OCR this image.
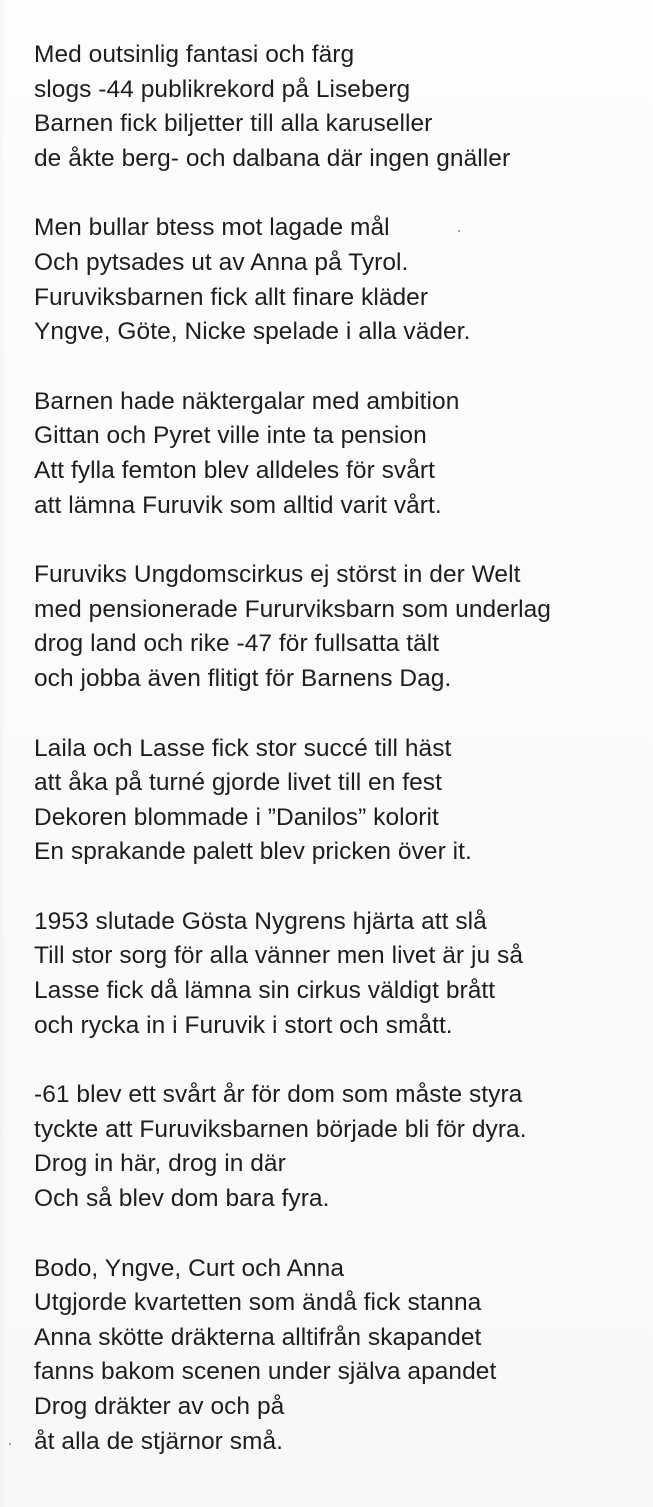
Med outsinlig fantasi och färg
slogs -44 publikrekord på Liseberg
Barnen fick biljetter till alla karuseller
de åkte berg- och dalbana där ingen gnäller
Men bullar btess mot lagade mål
Och pytsades ut av Anna på Tyrol.
Furuviksbarnen fick allt finare kläder
Yngve, Göte, Nicke spelade i alla väder.
Barnen hade näktergalar med ambition
Gittan och Pyret ville inte ta pension
Att fylla femton blev alldeles för svårt
att lämna Furuvik som alltid varit vårt.
Furuviks Ungdomscirkus ej störst in der Welt
med pensionerade Fururviksbarn som underlag
drog land och rike -47 för fullsatta tält
och jobba även flitigt för Barnens Dag.
Laila och Lasse fick stor succé till häst
att åka på turné gjorde livet till en fest
Dekoren blommade i ”Danilos” kolorit
En sprakande palett blev pricken över it.
1953 slutade Gösta Nygrens hjärta att slå
Till stor sorg för alla vänner men livet är ju så
Lasse fick då lämna sin cirkus väldigt brått
och rycka in i Furuvik i stort och smått.
-61 blev ett svårt år för dom som måste styra
tyckte att Furuviksbarnen började bli för dyra.
Drog in här, drog in där
Och så blev dom bara fyra.
Bodo, Yngve, Curt och Anna
Utgjorde kvartetten som ändå fick stanna
Anna skötte dräkterna alltifrån skapandet
fanns bakom scenen under själva apandet
Drog dräkter av och på
åt alla de stjärnor små.
